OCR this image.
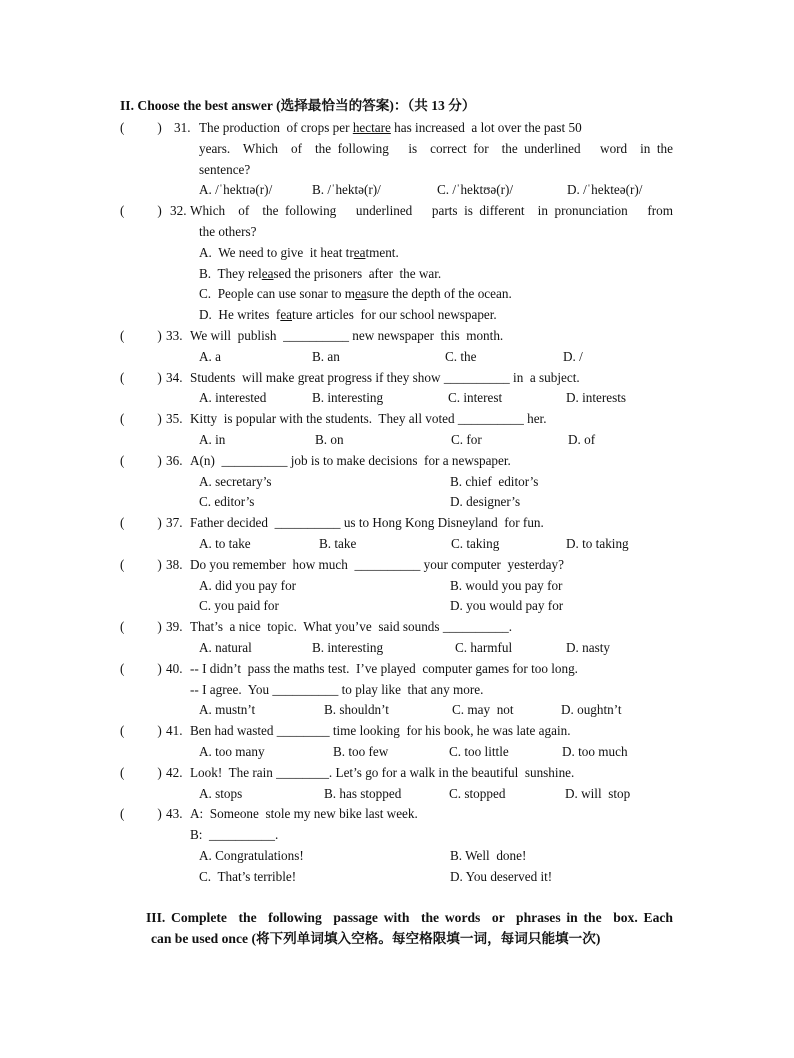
II. Choose the best answer (选择最恰当的答案)：（共 13 分）
(          ) 31. The production  of crops per hectare has increased  a lot over the past 50
years.  Which  of  the following   is  correct for  the underlined   word  in the
sentence?
A. /ˈhektɪə(r)/	B. /ˈhektə(r)/	C. /ˈhektʊə(r)/	D. /ˈhekteə(r)/
(          ) 32. Which  of  the following   underlined   parts is different  in pronunciation   from
the others?
A. We need to give  it heat treatment.
B. They released the prisoners  after  the war.
C. People can use sonar to measure the depth of the ocean.
D. He writes  feature articles  for our school newspaper.
(          ) 33. We will  publish  __________ new newspaper  this  month.
A. a	B. an	C. the	D. /
(          ) 34. Students  will make great progress if they show __________ in  a subject.
A. interested	B. interesting	C. interest	D. interests
(          ) 35. Kitty  is popular with the students.  They all voted __________ her.
A. in	B. on	C. for	D. of
(          ) 36. A(n)  __________ job is to make decisions  for a newspaper.
A. secretary’s	B. chief  editor’s
C. editor’s	D. designer’s
(          ) 37. Father decided  __________ us to Hong Kong Disneyland  for fun.
A. to take	B. take	C. taking	D. to taking
(          ) 38. Do you remember  how much  __________ your computer  yesterday?
A. did you pay for	B. would you pay for
C. you paid for	D. you would pay for
(          ) 39. That’s  a nice  topic.  What you’ve  said sounds __________.
A. natural	B. interesting	C. harmful	D. nasty
(          ) 40. -- I didn’t  pass the maths test.  I’ve played  computer games for too long.
-- I agree.  You __________ to play like  that any more.
A. mustn’t	B. shouldn’t	C. may  not	D. oughtn’t
(          ) 41. Ben had wasted ________ time looking  for his book, he was late again.
A. too many	B. too few	C. too little	D. too much
(          ) 42. Look!  The rain ________. Let’s go for a walk in the beautiful  sunshine.
A. stops	B. has stopped	C. stopped	D. will  stop
(          ) 43. A:  Someone  stole my new bike last week.
B:  __________.
A. Congratulations!	B. Well  done!
C.  That’s terrible!	D. You deserved it!
III. Complete  the  following  passage with  the words  or  phrases in the  box. Each
can be used once (将下列单词填入空格。每空格限填一词，每词只能填一次)
